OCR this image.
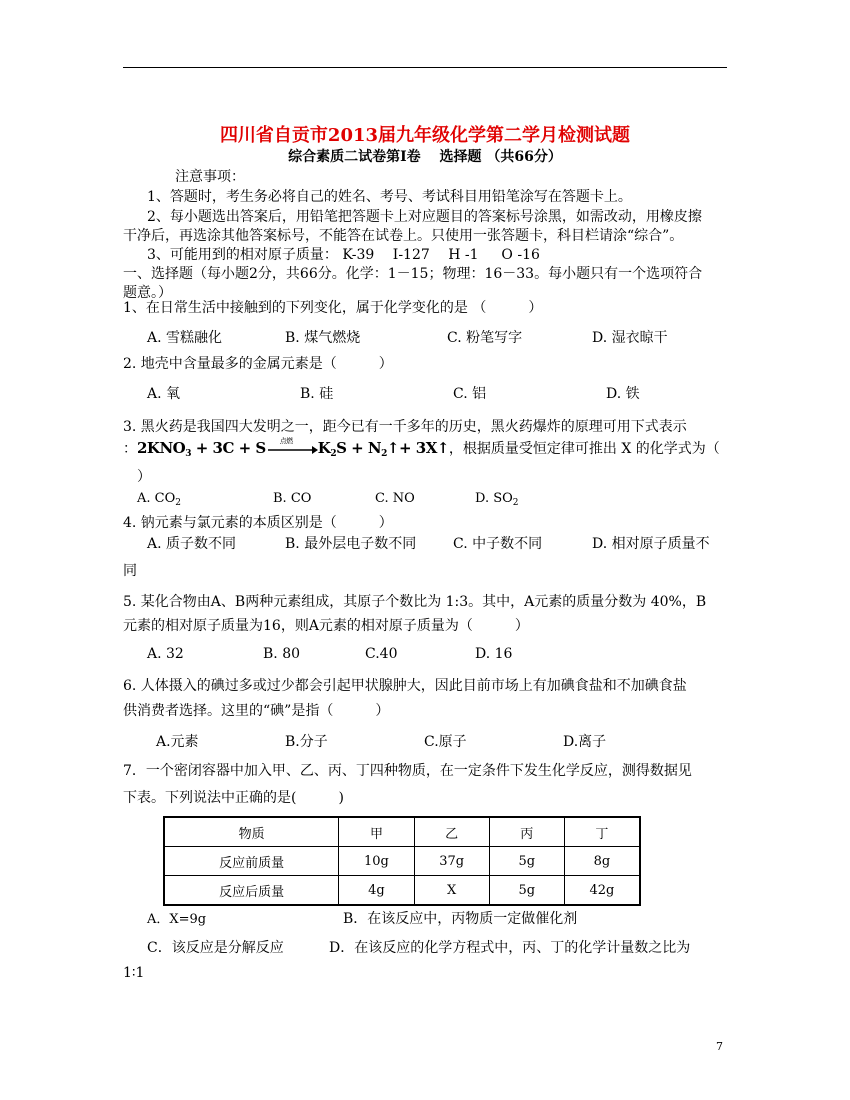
四川省自贡市2013届九年级化学第二学月检测试题
综合素质二试卷第Ⅰ卷　 选择题 （共66分）
注意事项：
1、答题时，考生务必将自己的姓名、考号、考试科目用铅笔涂写在答题卡上。
2、每小题选出答案后，用铅笔把答题卡上对应题目的答案标号涂黑，如需改动，用橡皮擦
干净后，再选涂其他答案标号，不能答在试卷上。只使用一张答题卡，科目栏请涂“综合”。
3、可能用到的相对原子质量： K-39　 I-127　 H -1 　 O -16
一、选择题（每小题2分，共66分。化学：1－15；物理：16－33。每小题只有一个选项符合
题意。）
1、在日常生活中接触到的下列变化，属于化学变化的是 （　　　）
A. 雪糕融化	B. 煤气燃烧	C. 粉笔写字	D. 湿衣晾干
2. 地壳中含量最多的金属元素是（　　　）
A. 氧	B. 硅	C. 铝	D. 铁
3. 黑火药是我国四大发明之一，距今已有一千多年的历史，黑火药爆炸的原理可用下式表示
：$2KNO_3 + 3C + S$ 点燃 $K_2S$ + $N_2↑+$ 3X↑，根据质量受恒定律可推出 X 的化学式为（
）
A. $CO_2$	B. CO	C. NO	D. $SO_2$
4. 钠元素与氯元素的本质区别是（　　　）
A. 质子数不同	B. 最外层电子数不同	C. 中子数不同	D. 相对原子质量不
同
5. 某化合物由A、B两种元素组成，其原子个数比为 1:3。其中，A元素的质量分数为 40%，B
元素的相对原子质量为16，则A元素的相对原子质量为（　　　）
A. 32	B. 80	C.40	D. 16
6. 人体摄入的碘过多或过少都会引起甲状腺肿大，因此目前市场上有加碘食盐和不加碘食盐
供消费者选择。这里的“碘”是指（　　　）
A.元素	B.分子	C.原子	D.离子
7．一个密闭容器中加入甲、乙、丙、丁四种物质，在一定条件下发生化学反应，测得数据见
下表。下列说法中正确的是(　　　)
物质	甲	乙	丙	丁
反应前质量	10g	37g	5g	8g
反应后质量	4g	X	5g	42g
A．X=9g	B．在该反应中，丙物质一定做催化剂
C．该反应是分解反应	D．在该反应的化学方程式中，丙、丁的化学计量数之比为
1∶1
7
